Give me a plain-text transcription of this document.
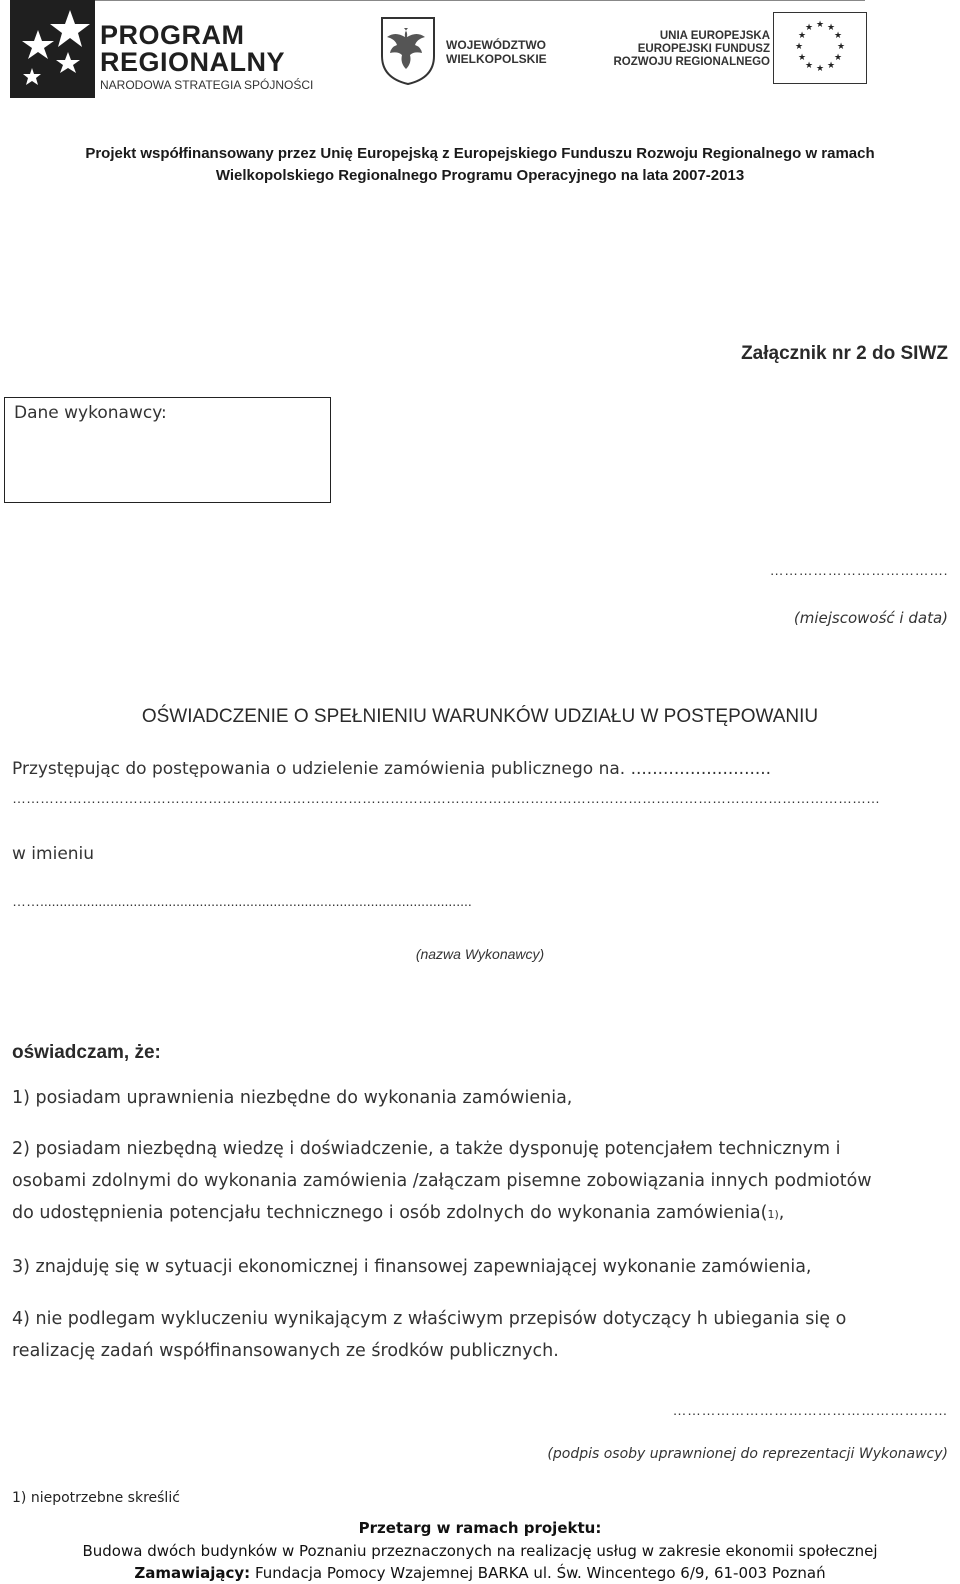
PROGRAM
REGIONALNY
NARODOWA STRATEGIA SPÓJNOŚCI
WOJEWÓDZTWO
WIELKOPOLSKIE
UNIA EUROPEJSKA
EUROPEJSKI FUNDUSZ
ROZWOJU REGIONALNEGO
★ ★
★
★
★
★
★
★
★
★
★
★
Projekt współfinansowany przez Unię Europejską z Europejskiego Funduszu Rozwoju Regionalnego w ramach
Wielkopolskiego Regionalnego Programu Operacyjnego na lata 2007-2013
Załącznik nr 2 do SIWZ
Dane wykonawcy:
……………………………….
(miejscowość i data)
OŚWIADCZENIE O SPEŁNIENIU WARUNKÓW UDZIAŁU W POSTĘPOWANIU
Przystępując do postępowania o udzielenie zamówienia publicznego na. ..........................
……………………………………………………………………………………………………………………………………………………………………
w imieniu
……...............................................................................................................
(nazwa Wykonawcy)
oświadczam, że:
1) posiadam uprawnienia niezbędne do wykonania zamówienia,
2) posiadam niezbędną wiedzę i doświadczenie, a także dysponuję potencjałem technicznym i
osobami zdolnymi do wykonania zamówienia /załączam pisemne zobowiązania innych podmiotów
do udostępnienia potencjału technicznego i osób zdolnych do wykonania zamówienia(1),
3) znajduję się w sytuacji ekonomicznej i finansowej zapewniającej wykonanie zamówienia,
4) nie podlegam wykluczeniu wynikającym z właściwym przepisów dotyczący h ubiegania się o
realizację zadań współfinansowanych ze środków publicznych.
…………………………………………………
(podpis osoby uprawnionej do reprezentacji Wykonawcy)
1) niepotrzebne skreślić
Przetarg w ramach projektu:
Budowa dwóch budynków w Poznaniu przeznaczonych na realizację usług w zakresie ekonomii społecznej
Zamawiający: Fundacja Pomocy Wzajemnej BARKA ul. Św. Wincentego 6/9, 61-003 Poznań
